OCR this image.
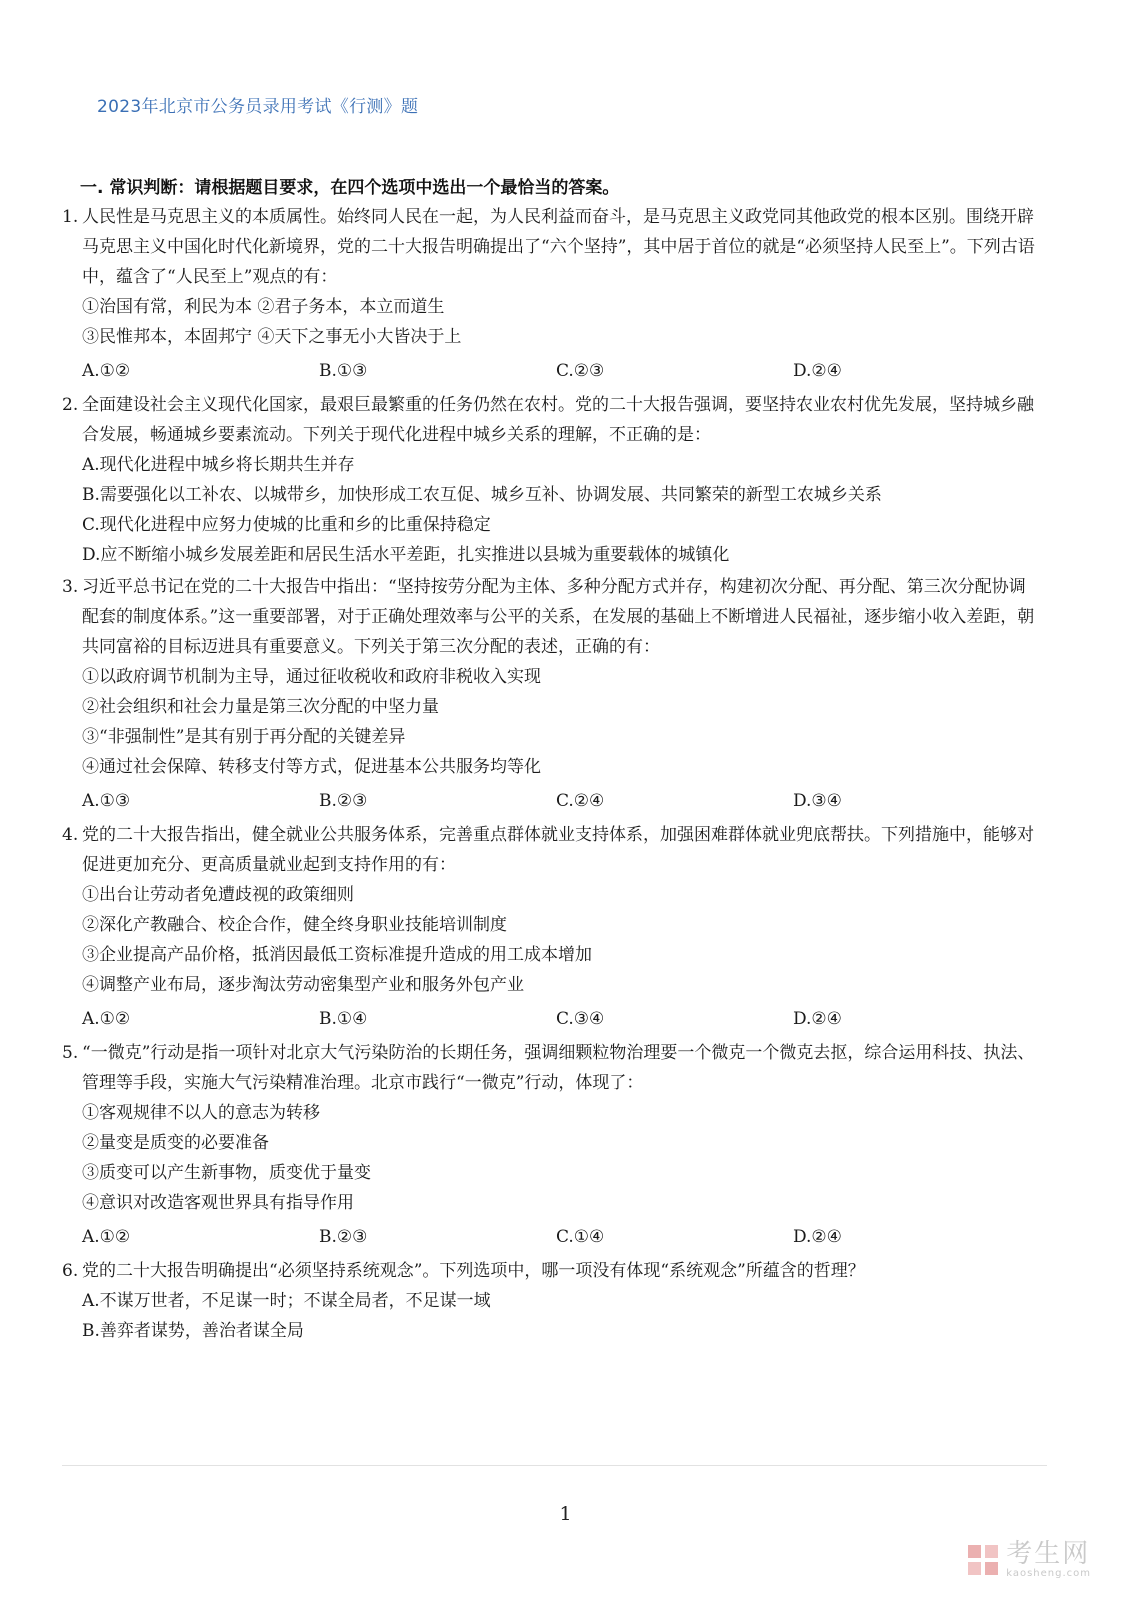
2023年北京市公务员录用考试《行测》题
一. 常识判断：请根据题目要求，在四个选项中选出一个最恰当的答案。
1. 人民性是马克思主义的本质属性。始终同人民在一起，为人民利益而奋斗，是马克思主义政党同其他政党的根本区别。围绕开辟马克思主义中国化时代化新境界，党的二十大报告明确提出了“六个坚持”，其中居于首位的就是“必须坚持人民至上”。下列古语中，蕴含了“人民至上”观点的有：
①治国有常，利民为本 ②君子务本，本立而道生
③民惟邦本，本固邦宁 ④天下之事无小大皆决于上
A.①②	B.①③	C.②③	D.②④
2. 全面建设社会主义现代化国家，最艰巨最繁重的任务仍然在农村。党的二十大报告强调，要坚持农业农村优先发展，坚持城乡融合发展，畅通城乡要素流动。下列关于现代化进程中城乡关系的理解，不正确的是：
A.现代化进程中城乡将长期共生并存
B.需要强化以工补农、以城带乡，加快形成工农互促、城乡互补、协调发展、共同繁荣的新型工农城乡关系
C.现代化进程中应努力使城的比重和乡的比重保持稳定
D.应不断缩小城乡发展差距和居民生活水平差距，扎实推进以县城为重要载体的城镇化
3. 习近平总书记在党的二十大报告中指出：“坚持按劳分配为主体、多种分配方式并存，构建初次分配、再分配、第三次分配协调配套的制度体系。”这一重要部署，对于正确处理效率与公平的关系，在发展的基础上不断增进人民福祉，逐步缩小收入差距，朝共同富裕的目标迈进具有重要意义。下列关于第三次分配的表述，正确的有：
①以政府调节机制为主导，通过征收税收和政府非税收入实现
②社会组织和社会力量是第三次分配的中坚力量
③“非强制性”是其有别于再分配的关键差异
④通过社会保障、转移支付等方式，促进基本公共服务均等化
A.①③	B.②③	C.②④	D.③④
4. 党的二十大报告指出，健全就业公共服务体系，完善重点群体就业支持体系，加强困难群体就业兜底帮扶。下列措施中，能够对促进更加充分、更高质量就业起到支持作用的有：
①出台让劳动者免遭歧视的政策细则
②深化产教融合、校企合作，健全终身职业技能培训制度
③企业提高产品价格，抵消因最低工资标准提升造成的用工成本增加
④调整产业布局，逐步淘汰劳动密集型产业和服务外包产业
A.①②	B.①④	C.③④	D.②④
5. “一微克”行动是指一项针对北京大气污染防治的长期任务，强调细颗粒物治理要一个微克一个微克去抠，综合运用科技、执法、管理等手段，实施大气污染精准治理。北京市践行“一微克”行动，体现了：
①客观规律不以人的意志为转移
②量变是质变的必要准备
③质变可以产生新事物，质变优于量变
④意识对改造客观世界具有指导作用
A.①②	B.②③	C.①④	D.②④
6. 党的二十大报告明确提出“必须坚持系统观念”。下列选项中，哪一项没有体现“系统观念”所蕴含的哲理？
A.不谋万世者，不足谋一时；不谋全局者，不足谋一域
B.善弈者谋势，善治者谋全局
1
考生网
kaosheng.com
